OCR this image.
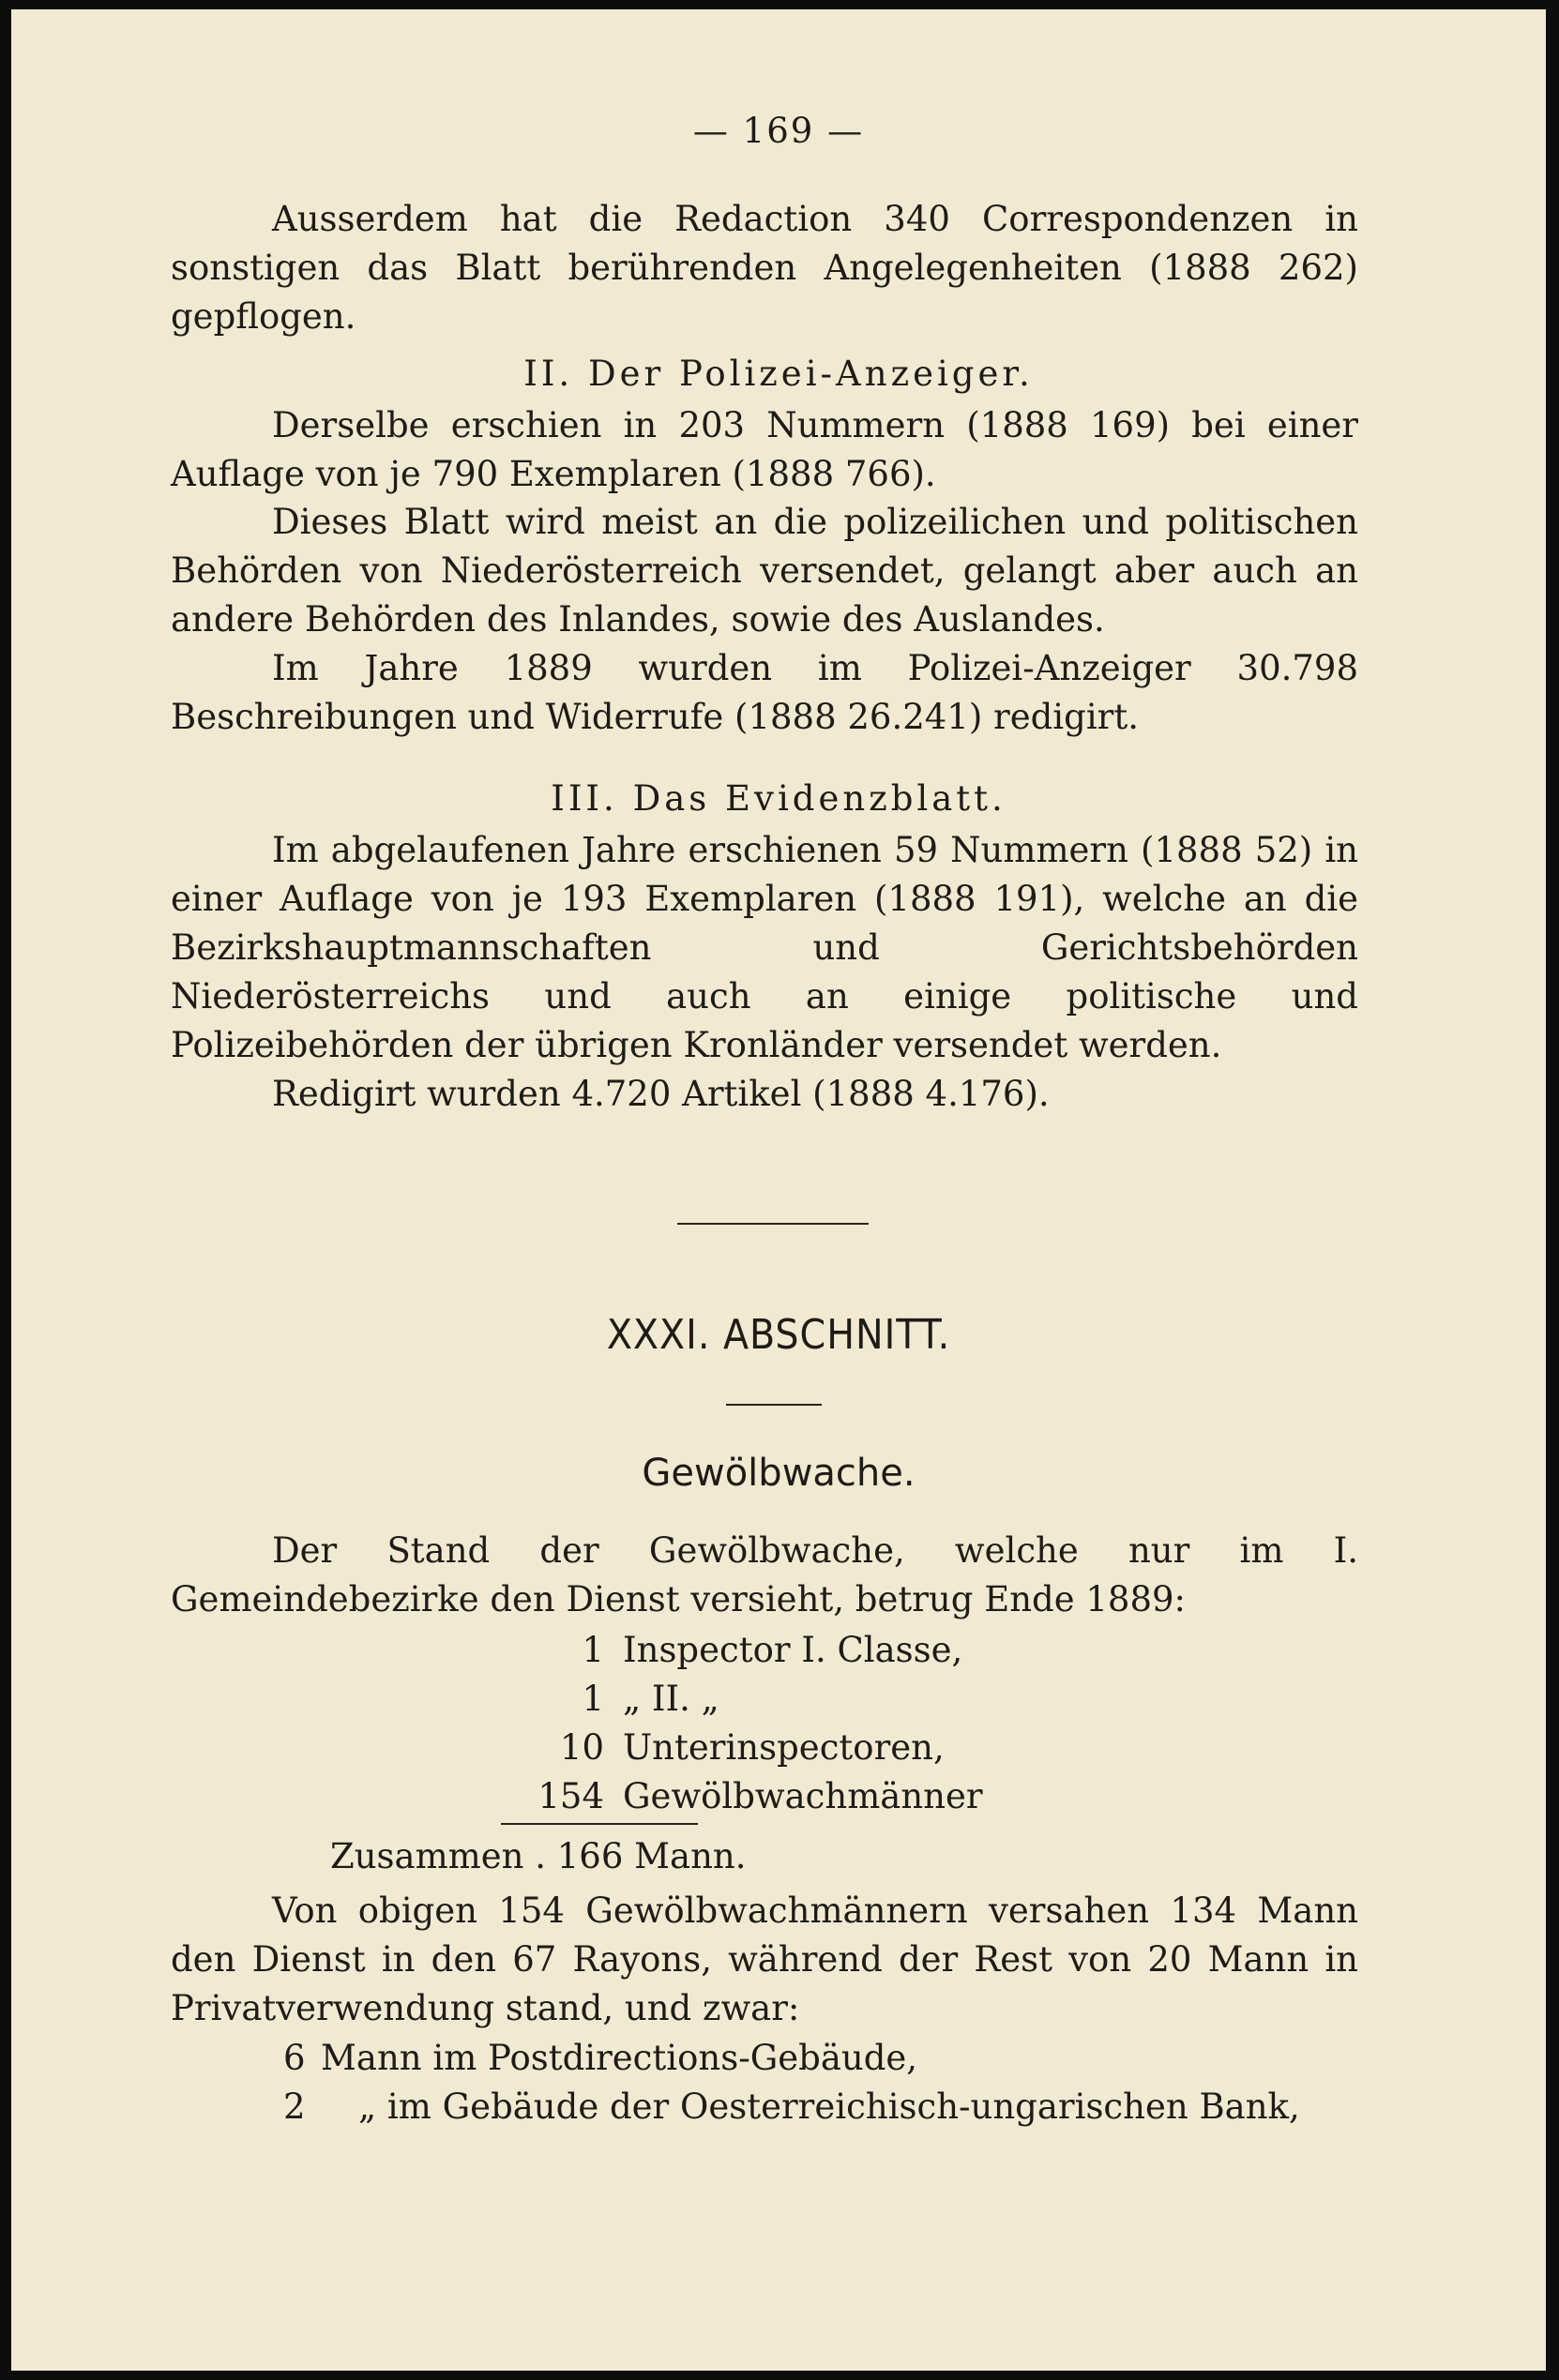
— 169 —

Ausserdem hat die Redaction 340 Correspondenzen in sonstigen das Blatt berührenden Angelegenheiten (1888 262) gepflogen.

II. Der Polizei-Anzeiger.

Derselbe erschien in 203 Nummern (1888 169) bei einer Auflage von je 790 Exemplaren (1888 766).

Dieses Blatt wird meist an die polizeilichen und politischen Behörden von Niederösterreich versendet, gelangt aber auch an andere Behörden des Inlandes, sowie des Auslandes.

Im Jahre 1889 wurden im Polizei-Anzeiger 30.798 Beschreibungen und Widerrufe (1888 26.241) redigirt.

III. Das Evidenzblatt.

Im abgelaufenen Jahre erschienen 59 Nummern (1888 52) in einer Auflage von je 193 Exemplaren (1888 191), welche an die Bezirkshauptmannschaften und Gerichtsbehörden Niederösterreichs und auch an einige politische und Polizeibehörden der übrigen Kronländer versendet werden.

Redigirt wurden 4.720 Artikel (1888 4.176).

XXXI. ABSCHNITT.
Gewölbwache.

Der Stand der Gewölbwache, welche nur im I. Gemeindebezirke den Dienst versieht, betrug Ende 1889:

1 Inspector I. Classe,
1 „ II. „
10 Unterinspectoren,
154 Gewölbwachmänner
Zusammen . 166 Mann.

Von obigen 154 Gewölbwachmännern versahen 134 Mann den Dienst in den 67 Rayons, während der Rest von 20 Mann in Privatverwendung stand, und zwar:

6 Mann im Postdirections-Gebäude,
2 „ im Gebäude der Oesterreichisch-ungarischen Bank,
